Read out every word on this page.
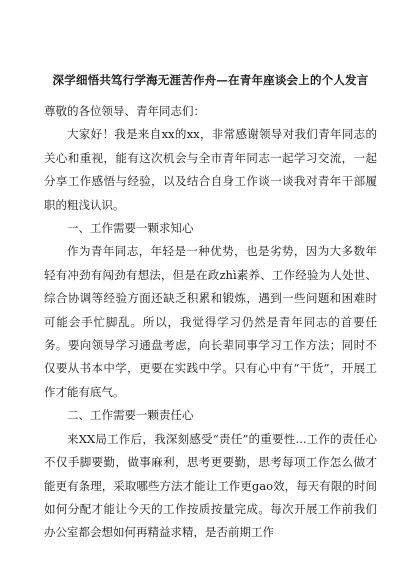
深学细悟共笃行学海无涯苦作舟—在青年座谈会上的个人发言

尊敬的各位领导、青年同志们：

大家好！我是来自xx的xx，非常感谢领导对我们青年同志的关心和重视，能有这次机会与全市青年同志一起学习交流，一起分享工作感悟与经验，以及结合自身工作谈一谈我对青年干部履职的粗浅认识。

一、工作需要一颗求知心

作为青年同志，年轻是一种优势，也是劣势，因为大多数年轻有冲劲有闯劲有想法，但是在政zhì素养、工作经验为人处世、综合协调等经验方面还缺乏积累和锻炼，遇到一些问题和困难时可能会手忙脚乱。所以，我觉得学习仍然是青年同志的首要任务。要向领导学习通盘考虑，向长辈同事学习工作方法；同时不仅要从书本中学，更要在实践中学。只有心中有“干货”，开展工作才能有底气。

二、工作需要一颗责任心

来XX局工作后，我深刻感受“责任”的重要性...工作的责任心不仅手脚要勤，做事麻利，思考更要勤，思考每项工作怎么做才能更有条理，采取哪些方法才能让工作更gao效，每天有限的时间如何分配才能让今天的工作按质按量完成。每次开展工作前我们办公室都会想如何再精益求精，是否前期工作
